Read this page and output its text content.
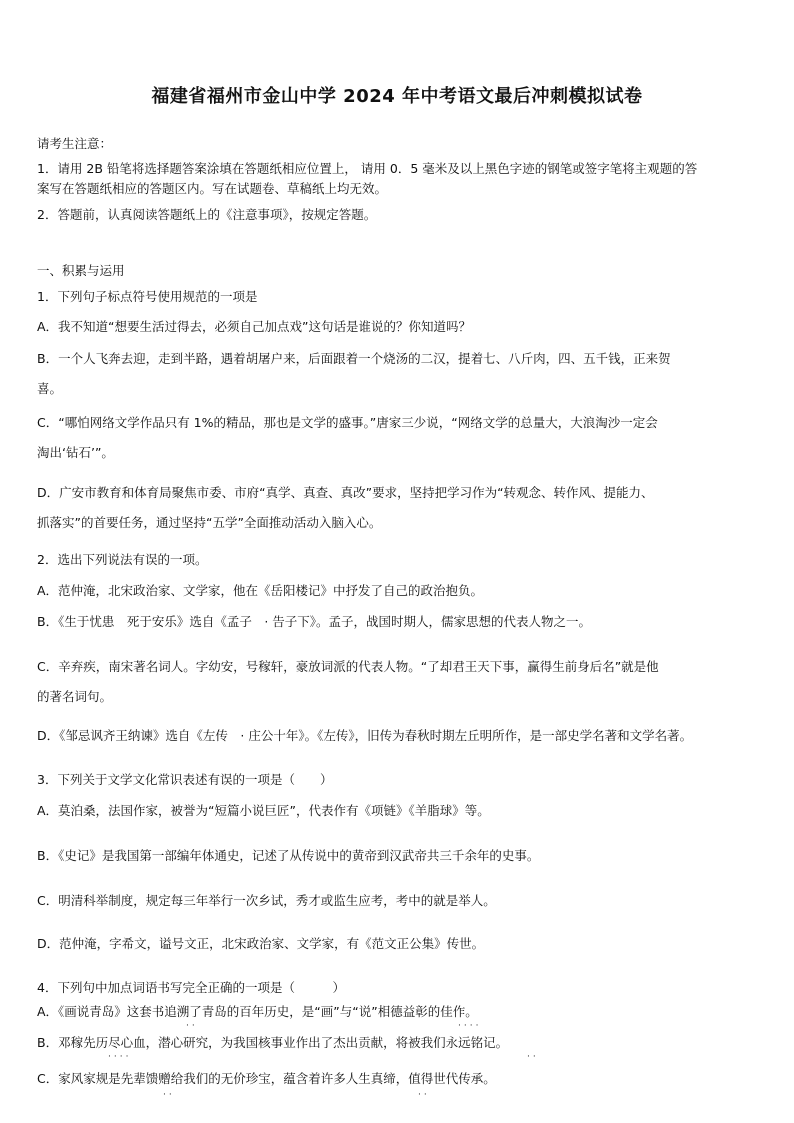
福建省福州市金山中学 2024 年中考语文最后冲刺模拟试卷
请考生注意：
1．请用 2B 铅笔将选择题答案涂填在答题纸相应位置上， 请用 0．5 毫米及以上黑色字迹的钢笔或签字笔将主观题的答
案写在答题纸相应的答题区内。写在试题卷、草稿纸上均无效。
2．答题前，认真阅读答题纸上的《注意事项》，按规定答题。
一、积累与运用
1．下列句子标点符号使用规范的一项是
A．我不知道“想要生活过得去，必须自己加点戏”这句话是谁说的？你知道吗？
B．一个人飞奔去迎，走到半路，遇着胡屠户来，后面跟着一个烧汤的二汉，提着七、八斤肉，四、五千钱，正来贺
喜。
C．“哪怕网络文学作品只有 1%的精品，那也是文学的盛事。”唐家三少说，“网络文学的总量大，大浪淘沙一定会
淘出‘钻石’”。
D．广安市教育和体育局聚焦市委、市府“真学、真查、真改”要求，坚持把学习作为“转观念、转作风、提能力、
抓落实”的首要任务，通过坚持“五学”全面推动活动入脑入心。
2．选出下列说法有误的一项。
A．范仲淹，北宋政治家、文学家，他在《岳阳楼记》中抒发了自己的政治抱负。
B．《生于忧患　死于安乐》选自《孟子　· 告子下》。孟子，战国时期人，儒家思想的代表人物之一。
C．辛弃疾，南宋著名词人。字幼安，号稼轩，豪放词派的代表人物。“了却君王天下事，赢得生前身后名”就是他
的著名词句。
D．《邹忌讽齐王纳谏》选自《左传　· 庄公十年》。《左传》，旧传为春秋时期左丘明所作，是一部史学名著和文学名著。
3．下列关于文学文化常识表述有误的一项是（　　）
A．莫泊桑，法国作家，被誉为“短篇小说巨匠”，代表作有《项链》《羊脂球》等。
B．《史记》是我国第一部编年体通史，记述了从传说中的黄帝到汉武帝共三千余年的史事。
C．明清科举制度，规定每三年举行一次乡试，秀才或监生应考，考中的就是举人。
D．范仲淹，字希文，谥号文正，北宋政治家、文学家，有《范文正公集》传世。
4．下列句中加点词语书写完全正确的一项是（　　　）
A．《画说青岛》这套书追溯了青岛的百年历史，是“画”与“说”相德益彰的佳作。
··	····
B．邓稼先历尽心血，潜心研究，为我国核事业作出了杰出贡献，将被我们永远铭记。
····	··
C．家风家规是先辈馈赠给我们的无价珍宝，蕴含着许多人生真缔，值得世代传承。
··	··
